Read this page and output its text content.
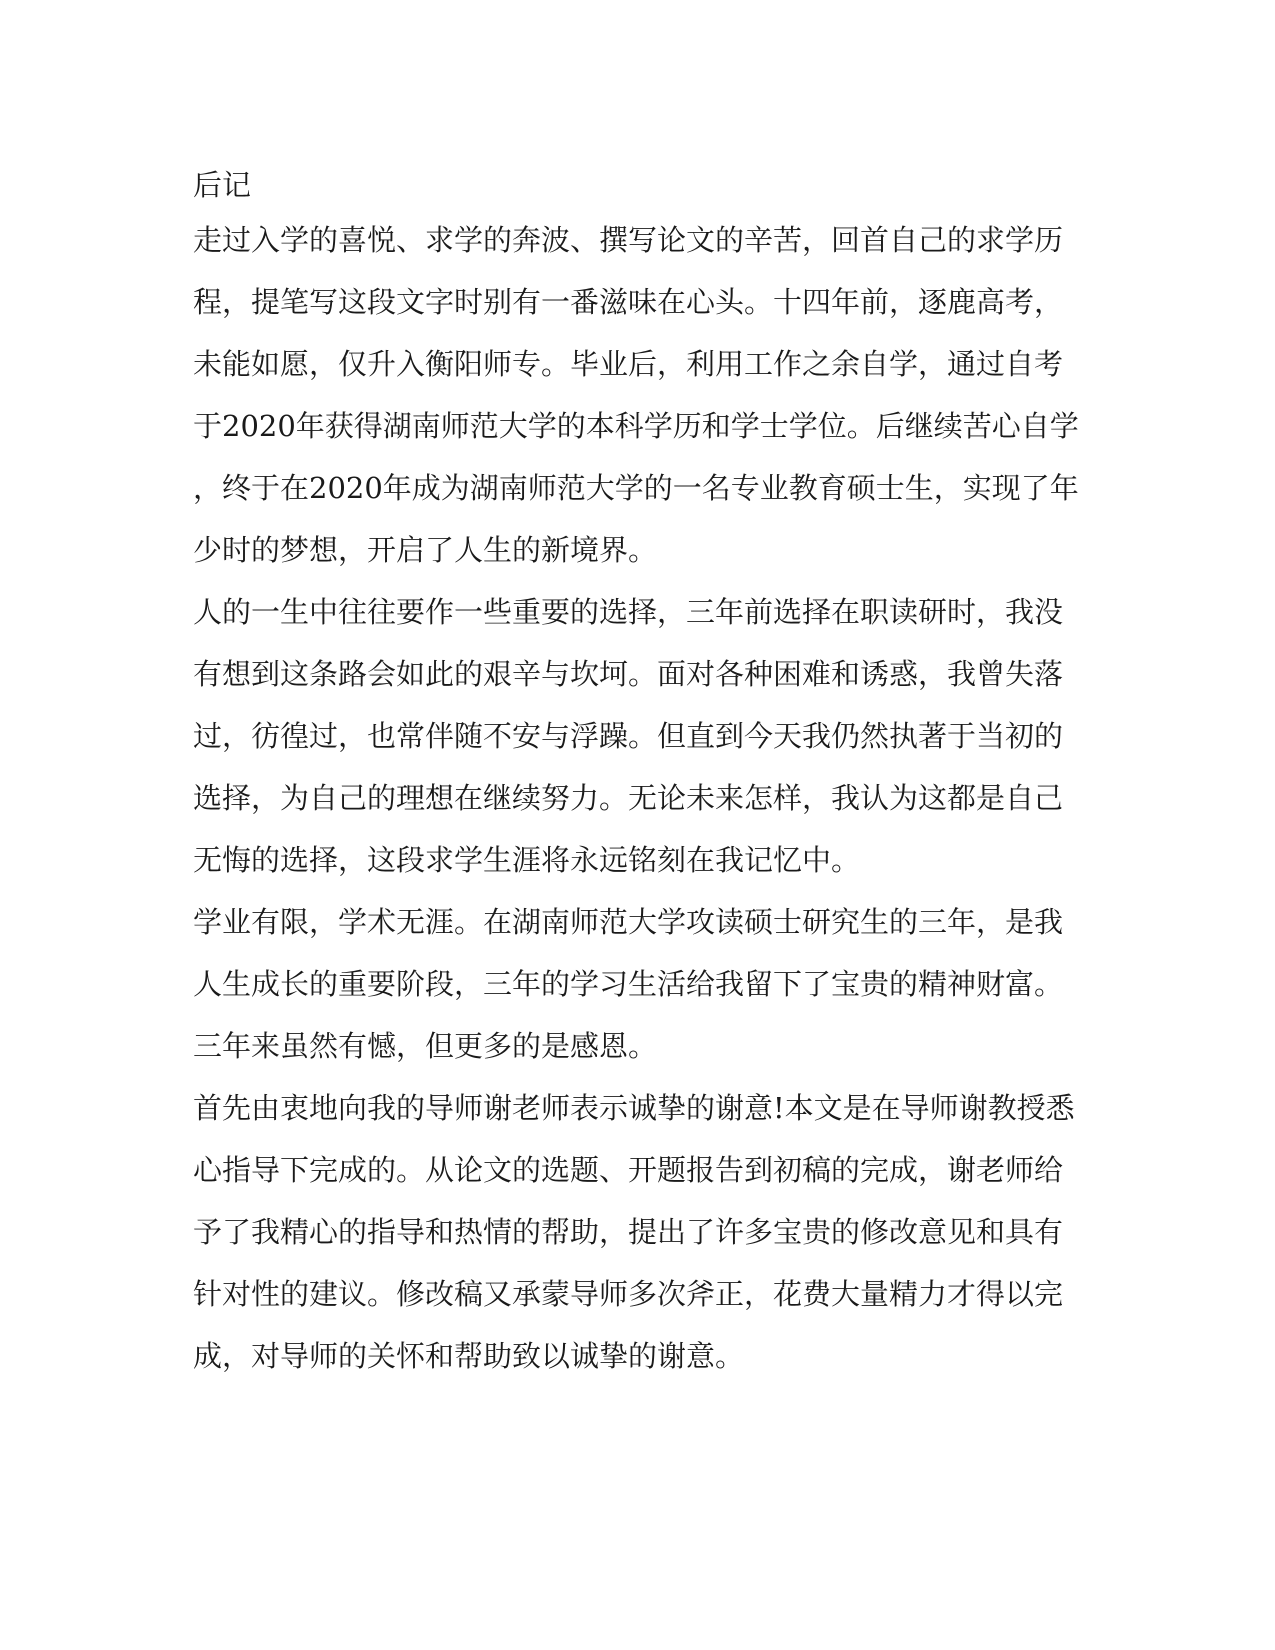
后记
走过入学的喜悦、求学的奔波、撰写论文的辛苦，回首自己的求学历
程，提笔写这段文字时别有一番滋味在心头。十四年前，逐鹿高考，
未能如愿，仅升入衡阳师专。毕业后，利用工作之余自学，通过自考
于2020年获得湖南师范大学的本科学历和学士学位。后继续苦心自学
，终于在2020年成为湖南师范大学的一名专业教育硕士生，实现了年
少时的梦想，开启了人生的新境界。
人的一生中往往要作一些重要的选择，三年前选择在职读研时，我没
有想到这条路会如此的艰辛与坎坷。面对各种困难和诱惑，我曾失落
过，彷徨过，也常伴随不安与浮躁。但直到今天我仍然执著于当初的
选择，为自己的理想在继续努力。无论未来怎样，我认为这都是自己
无悔的选择，这段求学生涯将永远铭刻在我记忆中。
学业有限，学术无涯。在湖南师范大学攻读硕士研究生的三年，是我
人生成长的重要阶段，三年的学习生活给我留下了宝贵的精神财富。
三年来虽然有憾，但更多的是感恩。
首先由衷地向我的导师谢老师表示诚挚的谢意!本文是在导师谢教授悉
心指导下完成的。从论文的选题、开题报告到初稿的完成，谢老师给
予了我精心的指导和热情的帮助，提出了许多宝贵的修改意见和具有
针对性的建议。修改稿又承蒙导师多次斧正，花费大量精力才得以完
成，对导师的关怀和帮助致以诚挚的谢意。
